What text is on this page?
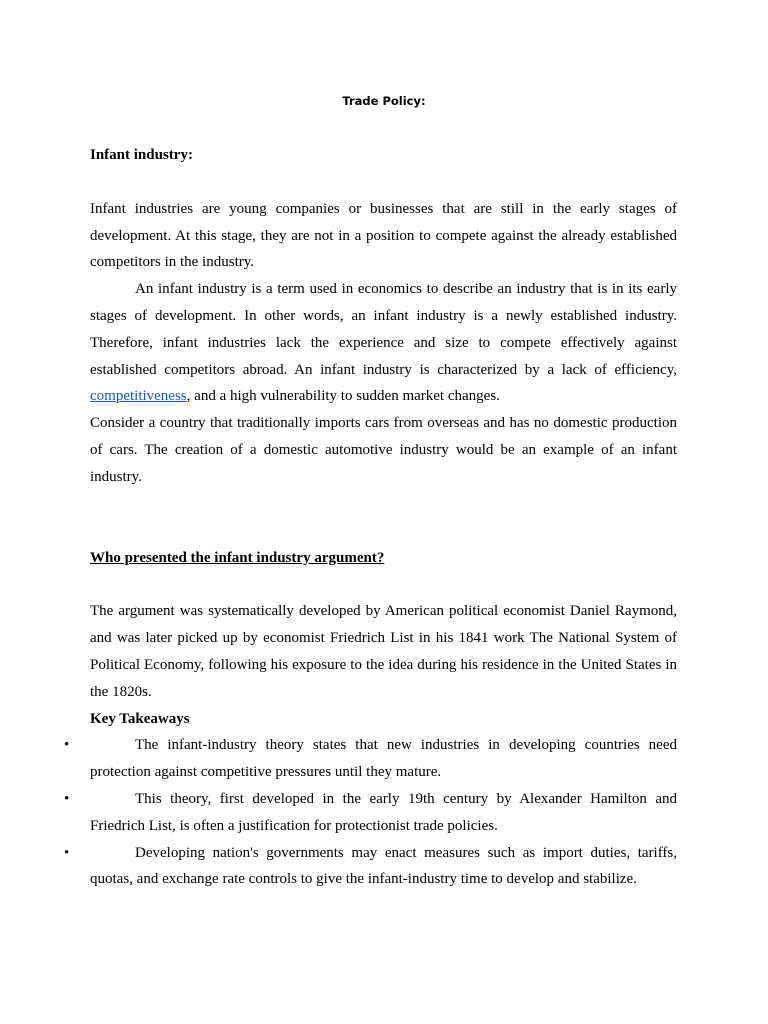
Trade Policy:

Infant industry:

Infant industries are young companies or businesses that are still in the early stages of development. At this stage, they are not in a position to compete against the already established competitors in the industry.

An infant industry is a term used in economics to describe an industry that is in its early stages of development. In other words, an infant industry is a newly established industry. Therefore, infant industries lack the experience and size to compete effectively against established competitors abroad. An infant industry is characterized by a lack of efficiency, competitiveness, and a high vulnerability to sudden market changes.

Consider a country that traditionally imports cars from overseas and has no domestic production of cars. The creation of a domestic automotive industry would be an example of an infant industry.

Who presented the infant industry argument?

The argument was systematically developed by American political economist Daniel Raymond, and was later picked up by economist Friedrich List in his 1841 work The National System of Political Economy, following his exposure to the idea during his residence in the United States in the 1820s.

Key Takeaways

•	The infant-industry theory states that new industries in developing countries need protection against competitive pressures until they mature.
•	This theory, first developed in the early 19th century by Alexander Hamilton and Friedrich List, is often a justification for protectionist trade policies.
•	Developing nation's governments may enact measures such as import duties, tariffs, quotas, and exchange rate controls to give the infant-industry time to develop and stabilize.
